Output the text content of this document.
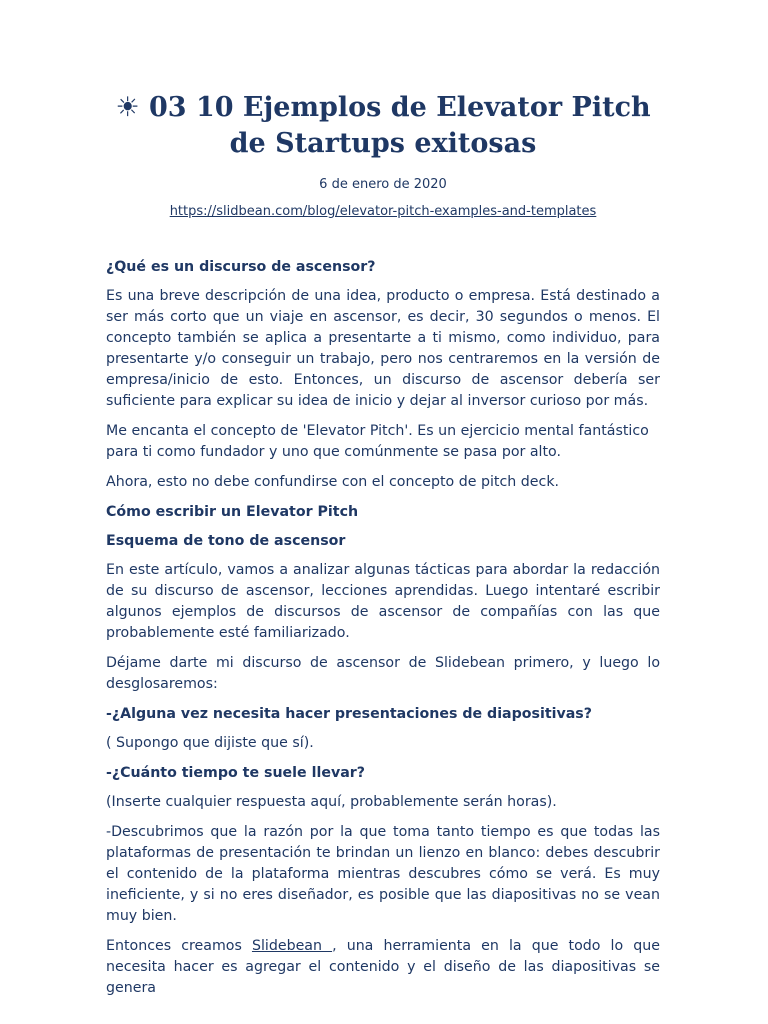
☀ 03 10 Ejemplos de Elevator Pitch de Startups exitosas
6 de enero de 2020
https://slidbean.com/blog/elevator-pitch-examples-and-templates
¿Qué es un discurso de ascensor?

Es una breve descripción de una idea, producto o empresa. Está destinado a ser más corto que un viaje en ascensor, es decir, 30 segundos o menos. El concepto también se aplica a presentarte a ti mismo, como individuo, para presentarte y/o conseguir un trabajo, pero nos centraremos en la versión de empresa/inicio de esto. Entonces, un discurso de ascensor debería ser suficiente para explicar su idea de inicio y dejar al inversor curioso por más.

Me encanta el concepto de 'Elevator Pitch'. Es un ejercicio mental fantástico para ti como fundador y uno que comúnmente se pasa por alto.

Ahora, esto no debe confundirse con el concepto de pitch deck.

Cómo escribir un Elevator Pitch
Esquema de tono de ascensor

En este artículo, vamos a analizar algunas tácticas para abordar la redacción de su discurso de ascensor, lecciones aprendidas. Luego intentaré escribir algunos ejemplos de discursos de ascensor de compañías con las que probablemente esté familiarizado.

Déjame darte mi discurso de ascensor de Slidebean primero, y luego lo desglosaremos:

-¿Alguna vez necesita hacer presentaciones de diapositivas?

( Supongo que dijiste que sí).

-¿Cuánto tiempo te suele llevar?

(Inserte cualquier respuesta aquí, probablemente serán horas).

-Descubrimos que la razón por la que toma tanto tiempo es que todas las plataformas de presentación te brindan un lienzo en blanco: debes descubrir el contenido de la plataforma mientras descubres cómo se verá. Es muy ineficiente, y si no eres diseñador, es posible que las diapositivas no se vean muy bien.

Entonces creamos Slidebean , una herramienta en la que todo lo que necesita hacer es agregar el contenido y el diseño de las diapositivas se genera
